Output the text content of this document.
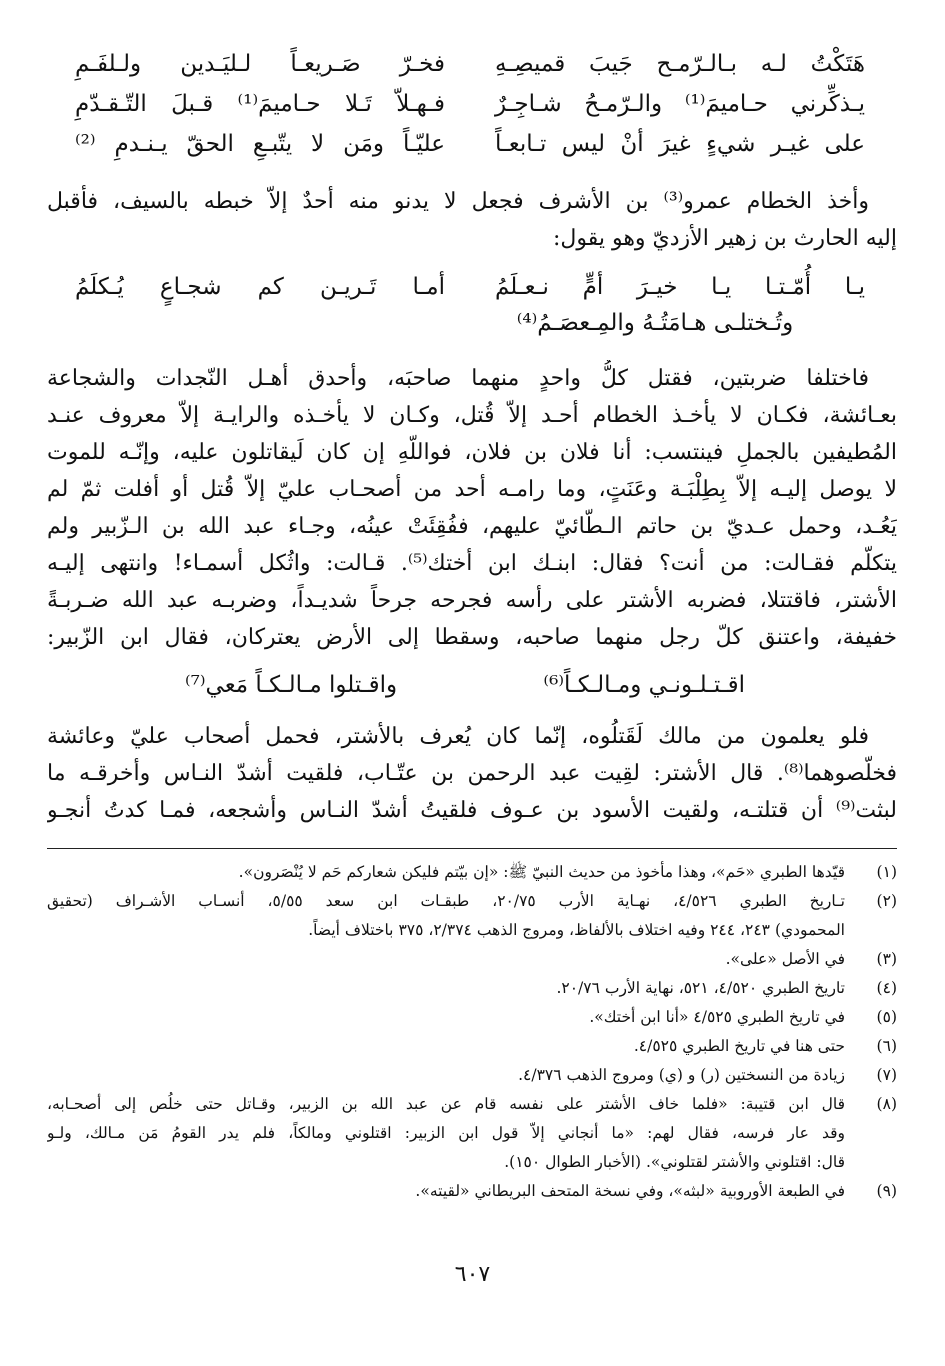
هَتَكْتُ لـه بـالـرّمـح جَيبَ قميصِـهِ
فخـرّ صَـريعـاً لـليَـدين ولـلفَـمِ
يـذكِّرني حـاميمَ⁽¹⁾ والـرّمـحُ شـاجِـرٌ
فـهـلاّ تَـلا حـاميمَ⁽¹⁾ قـبلَ التّـقـدّمِ
على غيـر شيءٍ غيرَ أنْ ليس تـابعـاً
عليّـاً ومَن لا يتّبـعِ الحقّ يـنـدمِ ⁽²⁾
وأخذ الخطام عمرو⁽³⁾ بن الأشرف فجعل لا يدنو منه أحدٌ إلاّ خبطه بالسيف، فأقبل
إليه الحارث بن زهير الأزديّ وهو يقول:
يـا أُمّـتـا يـا خيـرَ أمٍّ نـعـلَمُ
أمـا تَـريـن كم شجـاعٍ يُـكلَمُ
وتُـختلـى هـامَتُـهُ والمِـعصَـمُ⁽⁴⁾
فاختلفا ضربتين، فقتل كلُّ واحدٍ منهما صاحبَه، وأحدق أهـل النّجدات والشجاعة
بعـائشة، فكـان لا يأخـذ الخطام أحـد إلاّ قُتل، وكـان لا يأخـذه والرايـة إلاّ معروف عنـد
المُطيفين بالجملِ فينتسب: أنا فلان بن فلان، فواللّهِ إن كان لَيقاتلون عليه، وإنّـه للموت
لا يوصل إليـه إلاّ بِطِلْبَـة وعَنَتٍ، وما رامـه أحد من أصحـاب عليّ إلاّ قُتل أو أفلت ثمّ لم
يَعُـد، وحمل عـديّ بن حاتم الـطّائيّ عليهم، ففُقِئَتْ عينُه، وجـاء عبد الله بن الـزّبير ولم
يتكلّم فقـالت: من أنت؟ فقال: ابنـك ابن أختك⁽⁵⁾. قـالت: واثُكل أسمـاء! وانتهى إليـه
الأشتر، فاقتتلا، فضربه الأشتر على رأسه فجرحه جرحاً شديـداً، وضربـه عبد الله ضـربـةً
خفيفة، واعتنق كلّ رجل منهما صاحبه، وسقطا إلى الأرض يعتركان، فقال ابن الزّبير:
اقـتـلـونـي ومـالـكـاً⁽⁶⁾
واقـتلوا مـالـكـاً مَعي⁽⁷⁾
فلو يعلمون من مالك لَقَتلُوه، إنّما كان يُعرف بالأشتر، فحمل أصحاب عليّ وعائشة
فخلّصوهما⁽⁸⁾. قال الأشتر: لقِيت عبد الرحمن بن عتّـاب، فلقيت أشدّ النـاس وأخرقـه ما
لبثت⁽⁹⁾ أن قتلتـه، ولقيت الأسود بن عـوف فلقيتُ أشدّ النـاس وأشجعه، فمـا كدتُ أنجـو
(١)
قيّدها الطبري «حَم»، وهذا مأخوذ من حديث النبيّ ﷺ: «إن بيّتم فليكن شعاركم حَم لا يُنْصَرون».
(٢)
تـاريخ الطبري ٤/٥٢٦، نهـاية الأرب ٢٠/٧٥، طبقـات ابن سعد ٥/٥٥، أنسـاب الأشـراف (تحقيق
المحمودي) ٢٤٣، ٢٤٤ وفيه اختلاف بالألفاظ، ومروج الذهب ٢/٣٧٤، ٣٧٥ باختلاف أيضاً.
(٣)
في الأصل «على».
(٤)
تاريخ الطبري ٤/٥٢٠، ٥٢١، نهاية الأرب ٢٠/٧٦.
(٥)
في تاريخ الطبري ٤/٥٢٥ «أنا ابن أختك».
(٦)
حتى هنا في تاريخ الطبري ٤/٥٢٥.
(٧)
زيادة من النسختين (ر) و (ي) ومروج الذهب ٤/٣٧٦.
(٨)
قال ابن قتيبة: «فلما خاف الأشتر على نفسه قام عن عبد الله بن الزبير، وقـاتل حتى خلُص إلى أصحـابه،
وقد عار فرسه، فقال لهم: «ما أنجاني إلاّ قول ابن الزبير: اقتلوني ومالكاً، فلم يدر القومُ مَن مـالك، ولـو
قال: اقتلوني والأشتر لقتلوني». (الأخبار الطوال ١٥٠).
(٩)
في الطبعة الأوروبية «لبثه»، وفي نسخة المتحف البريطاني «لقيته».
٦٠٧
